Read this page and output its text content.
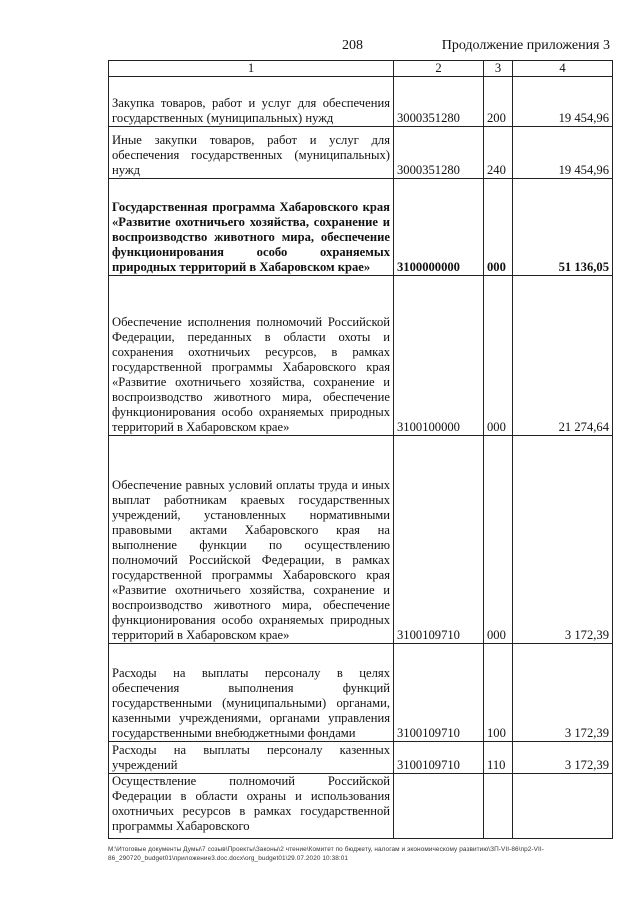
208	Продолжение приложения 3
1	2	3	4
Закупка товаров, работ и услуг для обеспечения государственных (муниципальных) нужд	3000351280	200	19 454,96
Иные закупки товаров, работ и услуг для обеспечения государственных (муниципальных) нужд	3000351280	240	19 454,96
Государственная программа Хабаровского края «Развитие охотничьего хозяйства, сохранение и воспроизводство животного мира, обеспечение функционирования особо охраняемых природных территорий в Хабаровском крае»	3100000000	000	51 136,05
Обеспечение исполнения полномочий Российской Федерации, переданных в области охоты и сохранения охотничьих ресурсов, в рамках государственной программы Хабаровского края «Развитие охотничьего хозяйства, сохранение и воспроизводство животного мира, обеспечение функционирования особо охраняемых природных территорий в Хабаровском крае»	3100100000	000	21 274,64
Обеспечение равных условий оплаты труда и иных выплат работникам краевых государственных учреждений, установленных нормативными правовыми актами Хабаровского края на выполнение функции по осуществлению полномочий Российской Федерации, в рамках государственной программы Хабаровского края «Развитие охотничьего хозяйства, сохранение и воспроизводство животного мира, обеспечение функционирования особо охраняемых природных территорий в Хабаровском крае»	3100109710	000	3 172,39
Расходы на выплаты персоналу в целях обеспечения выполнения функций государственными (муниципальными) органами, казенными учреждениями, органами управления государственными внебюджетными фондами	3100109710	100	3 172,39
Расходы на выплаты персоналу казенных учреждений	3100109710	110	3 172,39
Осуществление полномочий Российской Федерации в области охраны и использования охотничьих ресурсов в рамках государственной программы Хабаровского			
M:\Итоговые документы Думы\7 созыв\Проекты\Законы\2 чтение\Комитет по бюджету, налогам и экономическому развитию\ЗП-VII-86\пр2-VII-86_290720_budget01\приложение3.doc.docx\org_budget01\29.07.2020 10:38:01
